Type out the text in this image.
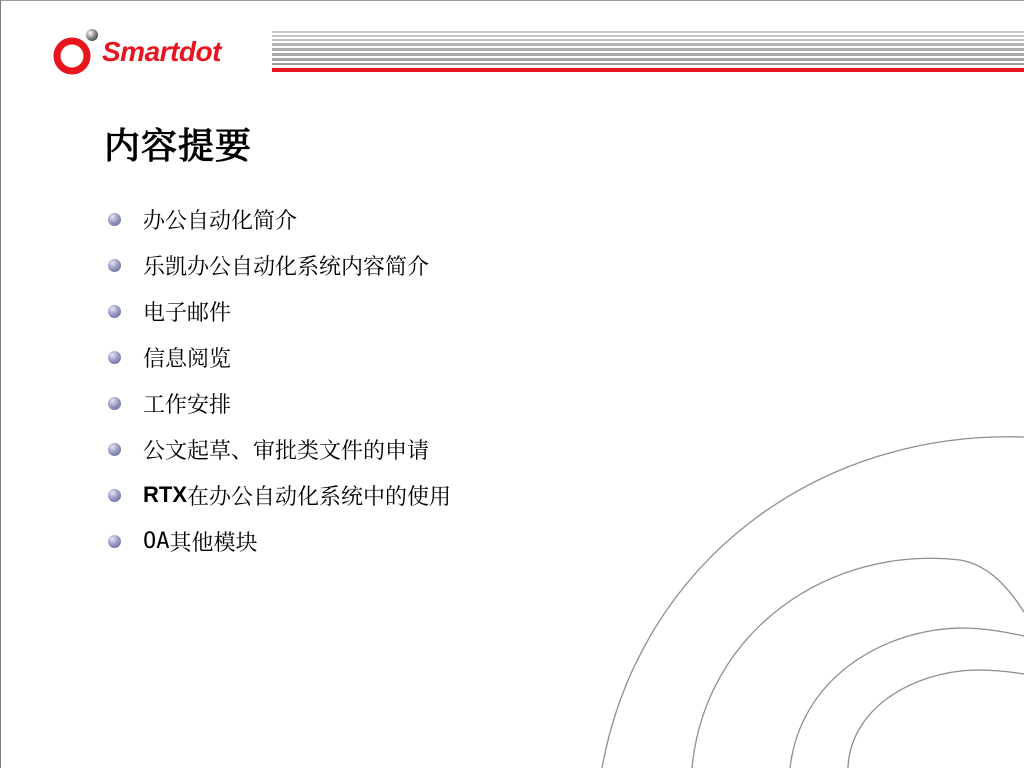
Smartdot
内容提要
办公自动化简介
乐凯办公自动化系统内容简介
电子邮件
信息阅览
工作安排
公文起草、审批类文件的申请
RTX 在办公自动化系统中的使用
OA 其他模块
